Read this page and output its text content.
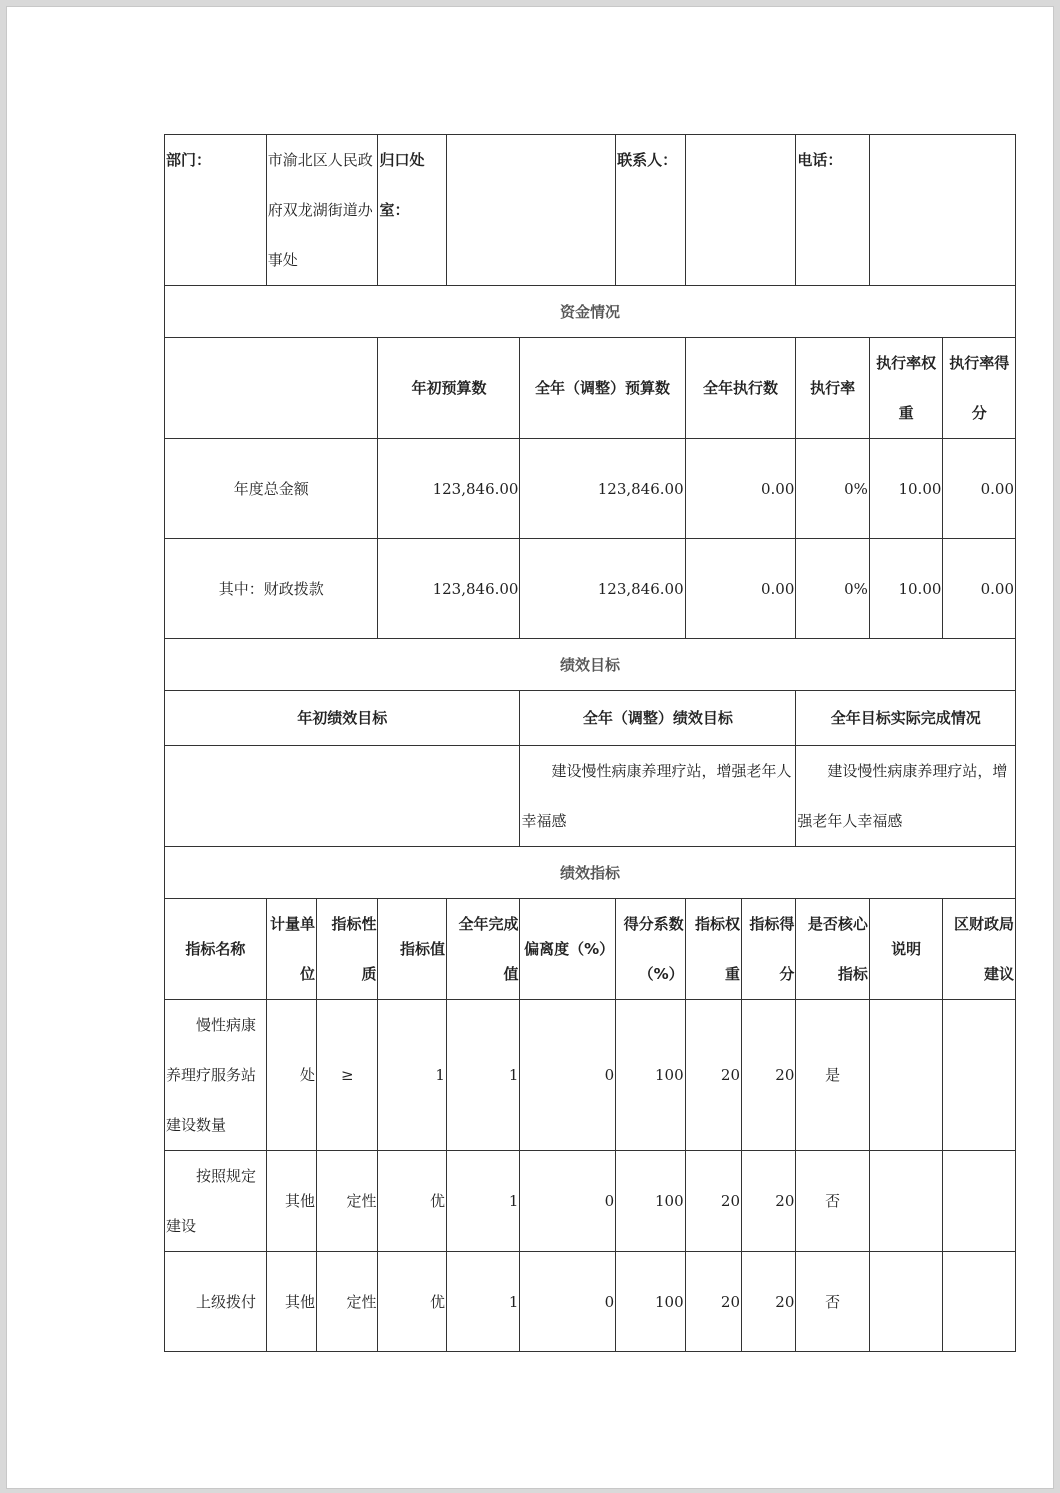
部门：	市渝北区人民政府双龙湖街道办事处		归口处室：			联系人：			电话：		
资金情况											
			年初预算数		全年（调整）预算数		全年执行数		执行率	执行率权重	执行率得分
年度总金额			123,846.00		123,846.00		0.00		0%	10.00	0.00
其中：财政拨款			123,846.00		123,846.00		0.00		0%	10.00	0.00
绩效目标											
年初绩效目标					全年（调整）绩效目标				全年目标实际完成情况		
					建设慢性病康养理疗站，增强老年人幸福感				建设慢性病康养理疗站，增强老年人幸福感		
绩效指标											
指标名称	计量单位	指标性质	指标值	全年完成值	偏离度（%）	得分系数（%）	指标权重	指标得分	是否核心指标	说明	区财政局建议
慢性病康养理疗服务站建设数量	处	≥	1	1	0	100	20	20	是		
按照规定建设	其他	定性	优	1	0	100	20	20	否		
上级拨付	其他	定性	优	1	0	100	20	20	否		
